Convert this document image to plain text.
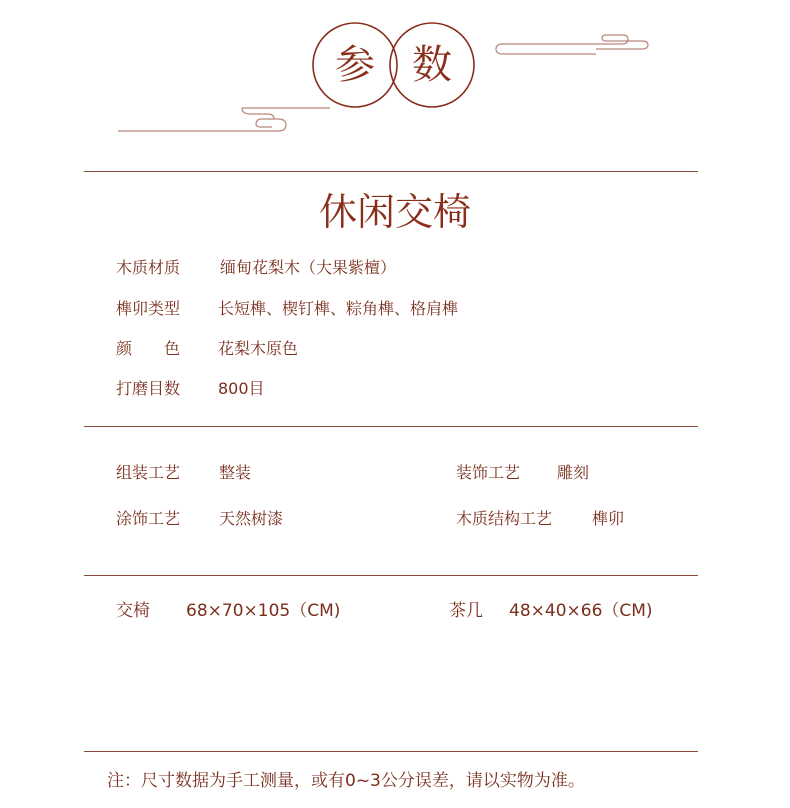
参 数
休闲交椅
木质材质 缅甸花梨木（大果紫檀）
榫卯类型 长短榫、楔钉榫、粽角榫、格肩榫
颜　　色 花梨木原色
打磨目数 800目
组装工艺 整装
涂饰工艺 天然树漆
装饰工艺 雕刻
木质结构工艺 榫卯
交椅 68×70×105（CM)	茶几 48×40×66（CM)
注：尺寸数据为手工测量，或有0~3公分误差，请以实物为准。
